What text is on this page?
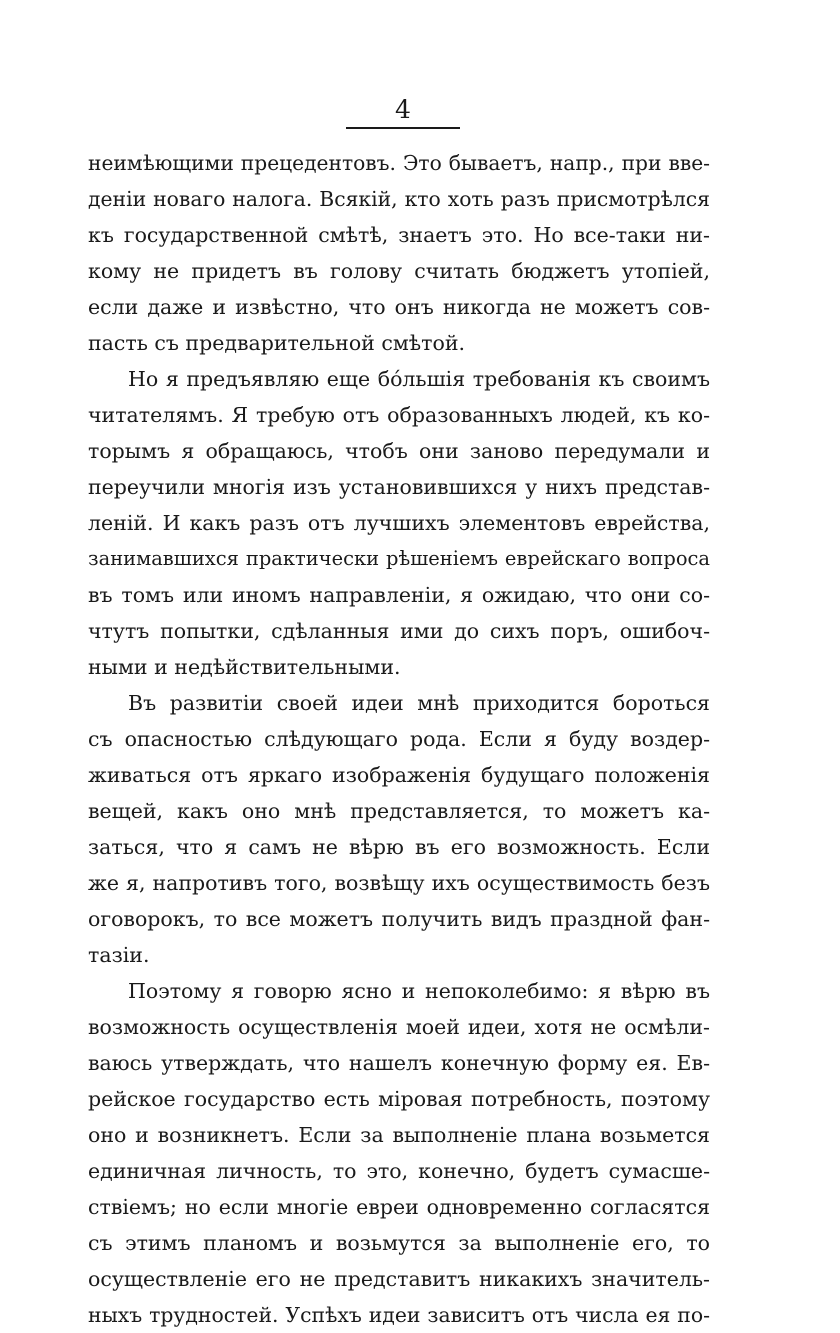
4
неимѣющими прецедентовъ. Это бываетъ, напр., при вве-
деніи новаго налога. Всякій, кто хоть разъ присмотрѣлся
къ государственной смѣтѣ, знаетъ это. Но все-таки ни-
кому не придетъ въ голову считать бюджетъ утопіей,
если даже и извѣстно, что онъ никогда не можетъ сов-
пасть съ предварительной смѣтой.
Но я предъявляю еще бо́льшія требованія къ своимъ
читателямъ. Я требую отъ образованныхъ людей, къ ко-
торымъ я обращаюсь, чтобъ они заново передумали и
переучили многія изъ установившихся у нихъ представ-
леній. И какъ разъ отъ лучшихъ элементовъ еврейства,
занимавшихся практически рѣшеніемъ еврейскаго вопроса
въ томъ или иномъ направленіи, я ожидаю, что они со-
чтутъ попытки, сдѣланныя ими до сихъ поръ, ошибоч-
ными и недѣйствительными.
Въ развитіи своей идеи мнѣ приходится бороться
съ опасностью слѣдующаго рода. Если я буду воздер-
живаться отъ яркаго изображенія будущаго положенія
вещей, какъ оно мнѣ представляется, то можетъ ка-
заться, что я самъ не вѣрю въ его возможность. Если
же я, напротивъ того, возвѣщу ихъ осуществимость безъ
оговорокъ, то все можетъ получить видъ праздной фан-
тазіи.
Поэтому я говорю ясно и непоколебимо: я вѣрю въ
возможность осуществленія моей идеи, хотя не осмѣли-
ваюсь утверждать, что нашелъ конечную форму ея. Ев-
рейское государство есть міровая потребность, поэтому
оно и возникнетъ. Если за выполненіе плана возьмется
единичная личность, то это, конечно, будетъ сумасше-
ствіемъ; но если многіе евреи одновременно согласятся
съ этимъ планомъ и возьмутся за выполненіе его, то
осуществленіе его не представитъ никакихъ значитель-
ныхъ трудностей. Успѣхъ идеи зависитъ отъ числа ея по-
